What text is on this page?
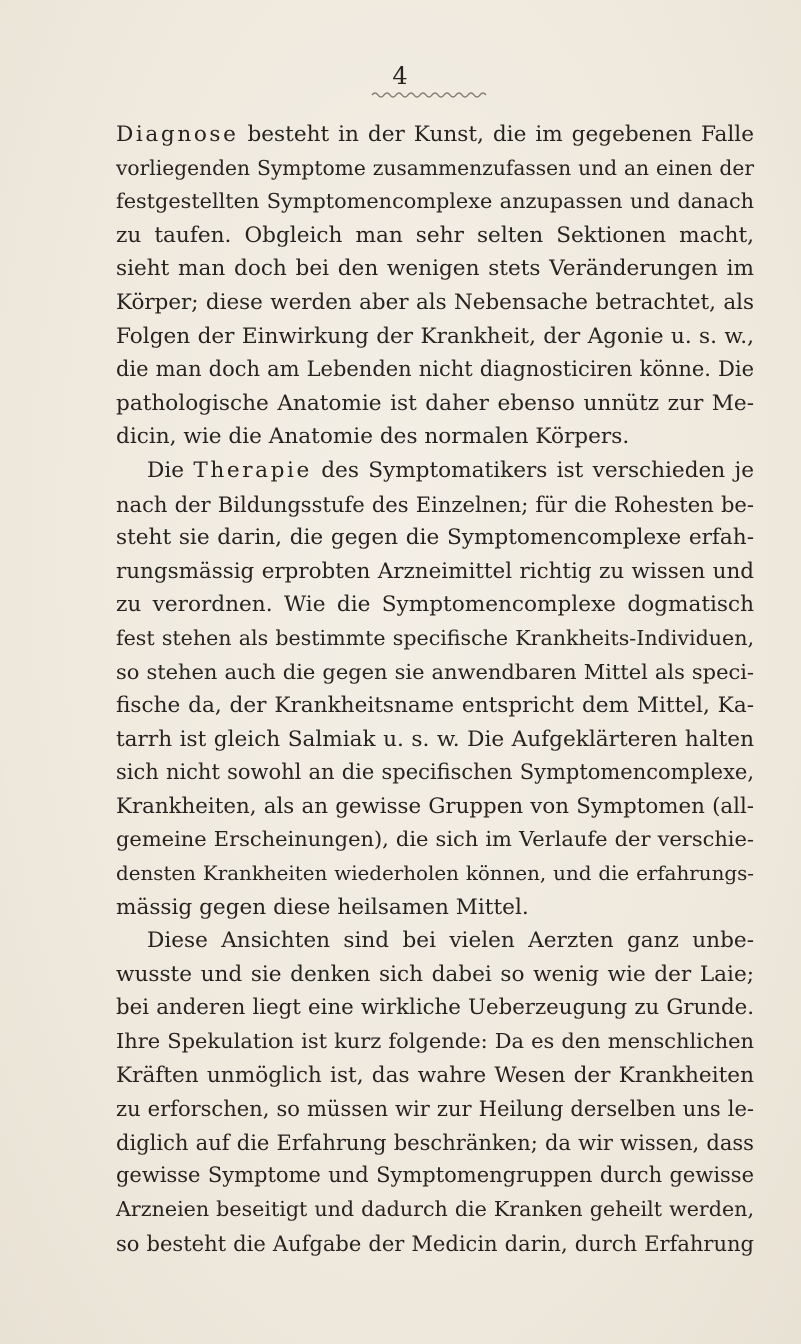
4
Diagnose besteht in der Kunst, die im gegebenen Falle
vorliegenden Symptome zusammenzufassen und an einen der
festgestellten Symptomencomplexe anzupassen und danach
zu taufen. Obgleich man sehr selten Sektionen macht,
sieht man doch bei den wenigen stets Veränderungen im
Körper; diese werden aber als Nebensache betrachtet, als
Folgen der Einwirkung der Krankheit, der Agonie u. s. w.,
die man doch am Lebenden nicht diagnosticiren könne. Die
pathologische Anatomie ist daher ebenso unnütz zur Me-
dicin, wie die Anatomie des normalen Körpers.
Die Therapie des Symptomatikers ist verschieden je
nach der Bildungsstufe des Einzelnen; für die Rohesten be-
steht sie darin, die gegen die Symptomencomplexe erfah-
rungsmässig erprobten Arzneimittel richtig zu wissen und
zu verordnen. Wie die Symptomencomplexe dogmatisch
fest stehen als bestimmte specifische Krankheits-Individuen,
so stehen auch die gegen sie anwendbaren Mittel als speci-
fische da, der Krankheitsname entspricht dem Mittel, Ka-
tarrh ist gleich Salmiak u. s. w. Die Aufgeklärteren halten
sich nicht sowohl an die specifischen Symptomencomplexe,
Krankheiten, als an gewisse Gruppen von Symptomen (all-
gemeine Erscheinungen), die sich im Verlaufe der verschie-
densten Krankheiten wiederholen können, und die erfahrungs-
mässig gegen diese heilsamen Mittel.
Diese Ansichten sind bei vielen Aerzten ganz unbe-
wusste und sie denken sich dabei so wenig wie der Laie;
bei anderen liegt eine wirkliche Ueberzeugung zu Grunde.
Ihre Spekulation ist kurz folgende: Da es den menschlichen
Kräften unmöglich ist, das wahre Wesen der Krankheiten
zu erforschen, so müssen wir zur Heilung derselben uns le-
diglich auf die Erfahrung beschränken; da wir wissen, dass
gewisse Symptome und Symptomengruppen durch gewisse
Arzneien beseitigt und dadurch die Kranken geheilt werden,
so besteht die Aufgabe der Medicin darin, durch Erfahrung
